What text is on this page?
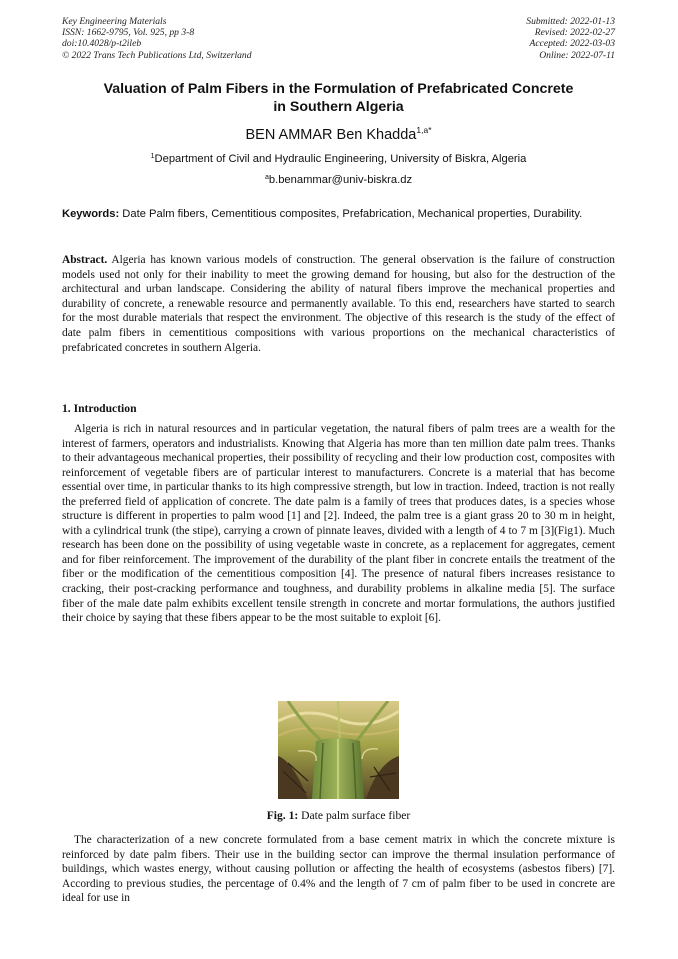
Key Engineering Materials
ISSN: 1662-9795, Vol. 925, pp 3-8
doi:10.4028/p-t2ileb
© 2022 Trans Tech Publications Ltd, Switzerland
Submitted: 2022-01-13
Revised: 2022-02-27
Accepted: 2022-03-03
Online: 2022-07-11
Valuation of Palm Fibers in the Formulation of Prefabricated Concrete
in Southern Algeria
BEN AMMAR Ben Khadda$^{1,a*}$
$^1$Department of Civil and Hydraulic Engineering, University of Biskra, Algeria
$^a$b.benammar@univ-biskra.dz
Keywords: Date Palm fibers, Cementitious composites, Prefabrication, Mechanical properties, Durability.
Abstract. Algeria has known various models of construction. The general observation is the failure of construction models used not only for their inability to meet the growing demand for housing, but also for the destruction of the architectural and urban landscape. Considering the ability of natural fibers improve the mechanical properties and durability of concrete, a renewable resource and permanently available. To this end, researchers have started to search for the most durable materials that respect the environment. The objective of this research is the study of the effect of date palm fibers in cementitious compositions with various proportions on the mechanical characteristics of prefabricated concretes in southern Algeria.
1. Introduction
Algeria is rich in natural resources and in particular vegetation, the natural fibers of palm trees are a wealth for the interest of farmers, operators and industrialists. Knowing that Algeria has more than ten million date palm trees. Thanks to their advantageous mechanical properties, their possibility of recycling and their low production cost, composites with reinforcement of vegetable fibers are of particular interest to manufacturers. Concrete is a material that has become essential over time, in particular thanks to its high compressive strength, but low in traction. Indeed, traction is not really the preferred field of application of concrete. The date palm is a family of trees that produces dates, is a species whose structure is different in properties to palm wood [1] and [2]. Indeed, the palm tree is a giant grass 20 to 30 m in height, with a cylindrical trunk (the stipe), carrying a crown of pinnate leaves, divided with a length of 4 to 7 m [3](Fig1). Much research has been done on the possibility of using vegetable waste in concrete, as a replacement for aggregates, cement and for fiber reinforcement. The improvement of the durability of the plant fiber in concrete entails the treatment of the fiber or the modification of the cementitious composition [4]. The presence of natural fibers increases resistance to cracking, their post-cracking performance and toughness, and durability problems in alkaline media [5]. The surface fiber of the male date palm exhibits excellent tensile strength in concrete and mortar formulations, the authors justified their choice by saying that these fibers appear to be the most suitable to exploit [6].
Fig. 1: Date palm surface fiber
The characterization of a new concrete formulated from a base cement matrix in which the concrete mixture is reinforced by date palm fibers. Their use in the building sector can improve the thermal insulation performance of buildings, which wastes energy, without causing pollution or affecting the health of ecosystems (asbestos fibers) [7]. According to previous studies, the percentage of 0.4% and the length of 7 cm of palm fiber to be used in concrete are ideal for use in
